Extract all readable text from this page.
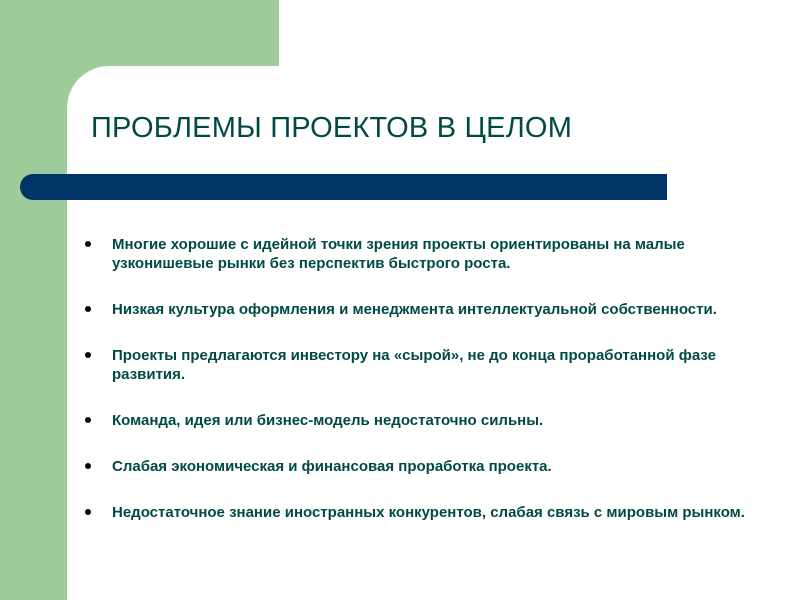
ПРОБЛЕМЫ ПРОЕКТОВ В ЦЕЛОМ
Многие хорошие с идейной точки зрения проекты ориентированы на малые узконишевые рынки без перспектив быстрого роста.
Низкая культура оформления и менеджмента интеллектуальной собственности.
Проекты предлагаются инвестору на «сырой», не до конца проработанной фазе развития.
Команда, идея или бизнес-модель недостаточно сильны.
Слабая экономическая и финансовая проработка проекта.
Недостаточное знание иностранных конкурентов, слабая связь с мировым рынком.
